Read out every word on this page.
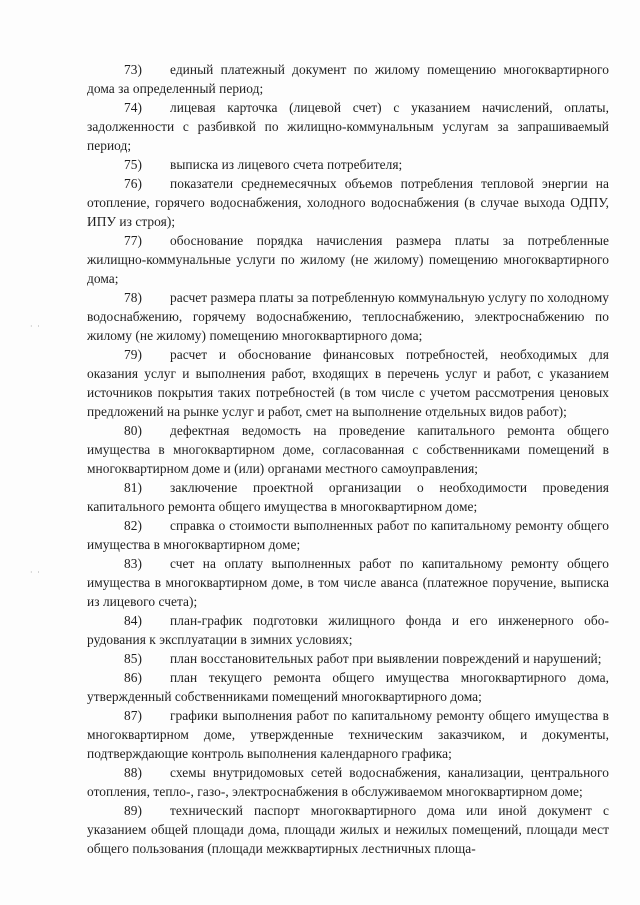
· ·
· ·

73) единый платежный документ по жилому помещению многоквартирного дома за определенный период;

74) лицевая карточка (лицевой счет) с указанием начислений, оплаты, задолженности с разбивкой по жилищно-коммунальным услугам за запрашиваемый период;

75) выписка из лицевого счета потребителя;

76) показатели среднемесячных объемов потребления тепловой энергии на отопление, горячего водоснабжения, холодного водоснабжения (в случае выхода ОДПУ, ИПУ из строя);

77) обоснование порядка начисления размера платы за потребленные жилищно-коммунальные услуги по жилому (не жилому) помещению многоквартирного дома;

78) расчет размера платы за потребленную коммунальную услугу по холодному водоснабжению, горячему водоснабжению, теплоснабжению, электроснабжению по жилому (не жилому) помещению многоквартирного дома;

79) расчет и обоснование финансовых потребностей, необходимых для оказания услуг и выполнения работ, входящих в перечень услуг и работ, с указанием источников покрытия таких потребностей (в том числе с учетом рассмотрения ценовых предложений на рынке услуг и работ, смет на выполнение отдельных видов работ);

80) дефектная ведомость на проведение капитального ремонта общего имущества в многоквартирном доме, согласованная с собственниками помещений в многоквартирном доме и (или) органами местного самоуправления;

81) заключение проектной организации о необходимости проведения капитального ремонта общего имущества в многоквартирном доме;

82) справка о стоимости выполненных работ по капитальному ремонту общего имущества в многоквартирном доме;

83) счет на оплату выполненных работ по капитальному ремонту общего имущества в многоквартирном доме, в том числе аванса (платежное поручение, выписка из лицевого счета);

84) план-график подготовки жилищного фонда и его инженерного оборудования к эксплуатации в зимних условиях;

85) план восстановительных работ при выявлении повреждений и нарушений;

86) план текущего ремонта общего имущества многоквартирного дома, утвержденный собственниками помещений многоквартирного дома;

87) графики выполнения работ по капитальному ремонту общего имущества в многоквартирном доме, утвержденные техническим заказчиком, и документы, подтверждающие контроль выполнения календарного графика;

88) схемы внутридомовых сетей водоснабжения, канализации, центрального отопления, тепло-, газо-, электроснабжения в обслуживаемом многоквартирном доме;

89) технический паспорт многоквартирного дома или иной документ с указанием общей площади дома, площади жилых и нежилых помещений, площади мест общего пользования (площади межквартирных лестничных площа-
